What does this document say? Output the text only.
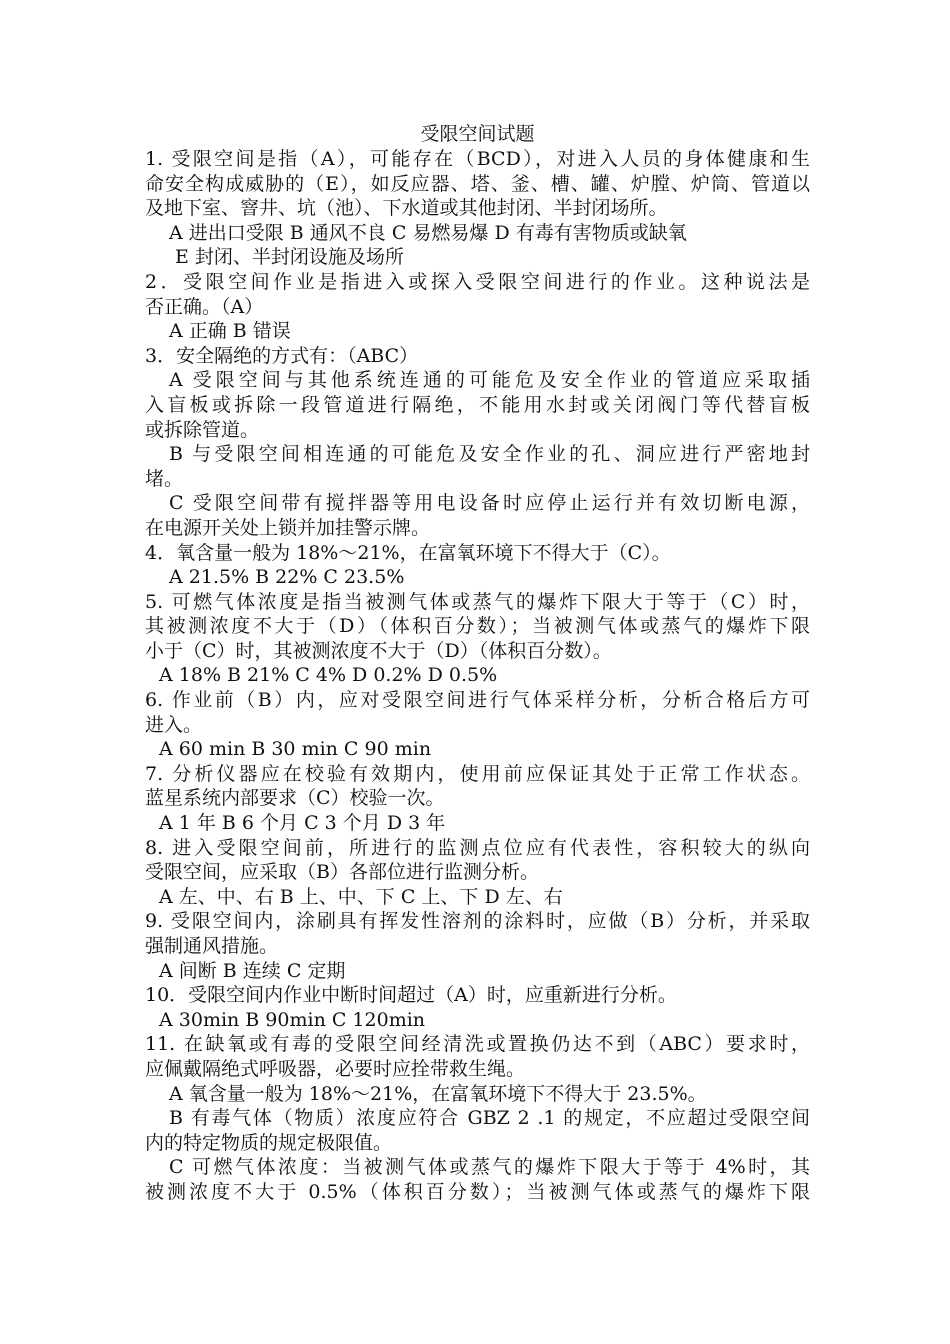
受限空间试题
1. 受限空间是指（A），可能存在（BCD），对进入人员的身体健康和生
命安全构成威胁的（E），如反应器、塔、釜、槽、罐、炉膛、炉筒、管道以
及地下室、窨井、坑（池）、下水道或其他封闭、半封闭场所。
A 进出口受限 B 通风不良 C 易燃易爆 D 有毒有害物质或缺氧
E 封闭、半封闭设施及场所
2．受限空间作业是指进入或探入受限空间进行的作业。这种说法是
否正确。（A）
A 正确 B 错误
3．安全隔绝的方式有：（ABC）
A 受限空间与其他系统连通的可能危及安全作业的管道应采取插
入盲板或拆除一段管道进行隔绝，不能用水封或关闭阀门等代替盲板
或拆除管道。
B 与受限空间相连通的可能危及安全作业的孔、洞应进行严密地封
堵。
C 受限空间带有搅拌器等用电设备时应停止运行并有效切断电源，
在电源开关处上锁并加挂警示牌。
4．氧含量一般为 18%～21%，在富氧环境下不得大于（C）。
A 21.5% B 22% C 23.5%
5. 可燃气体浓度是指当被测气体或蒸气的爆炸下限大于等于（C）时，
其被测浓度不大于（D）（体积百分数）；当被测气体或蒸气的爆炸下限
小于（C）时，其被测浓度不大于（D）（体积百分数）。
A 18% B 21% C 4% D 0.2% D 0.5%
6. 作业前（B）内，应对受限空间进行气体采样分析，分析合格后方可
进入。
A 60 min B 30 min C 90 min
7. 分析仪器应在校验有效期内，使用前应保证其处于正常工作状态。
蓝星系统内部要求（C）校验一次。
A 1 年 B 6 个月 C 3 个月 D 3 年
8. 进入受限空间前，所进行的监测点位应有代表性，容积较大的纵向
受限空间，应采取（B）各部位进行监测分析。
A 左、中、右 B 上、中、下 C 上、下 D 左、右
9. 受限空间内，涂刷具有挥发性溶剂的涂料时，应做（B）分析，并采取
强制通风措施。
A 间断 B 连续 C 定期
10．受限空间内作业中断时间超过（A）时，应重新进行分析。
A 30min B 90min C 120min
11. 在缺氧或有毒的受限空间经清洗或置换仍达不到（ABC）要求时，
应佩戴隔绝式呼吸器，必要时应拴带救生绳。
A 氧含量一般为 18%～21%，在富氧环境下不得大于 23.5%。
B 有毒气体（物质）浓度应符合 GBZ 2 .1 的规定，不应超过受限空间
内的特定物质的规定极限值。
C 可燃气体浓度：当被测气体或蒸气的爆炸下限大于等于 4%时，其
被测浓度不大于 0.5%（体积百分数）；当被测气体或蒸气的爆炸下限
